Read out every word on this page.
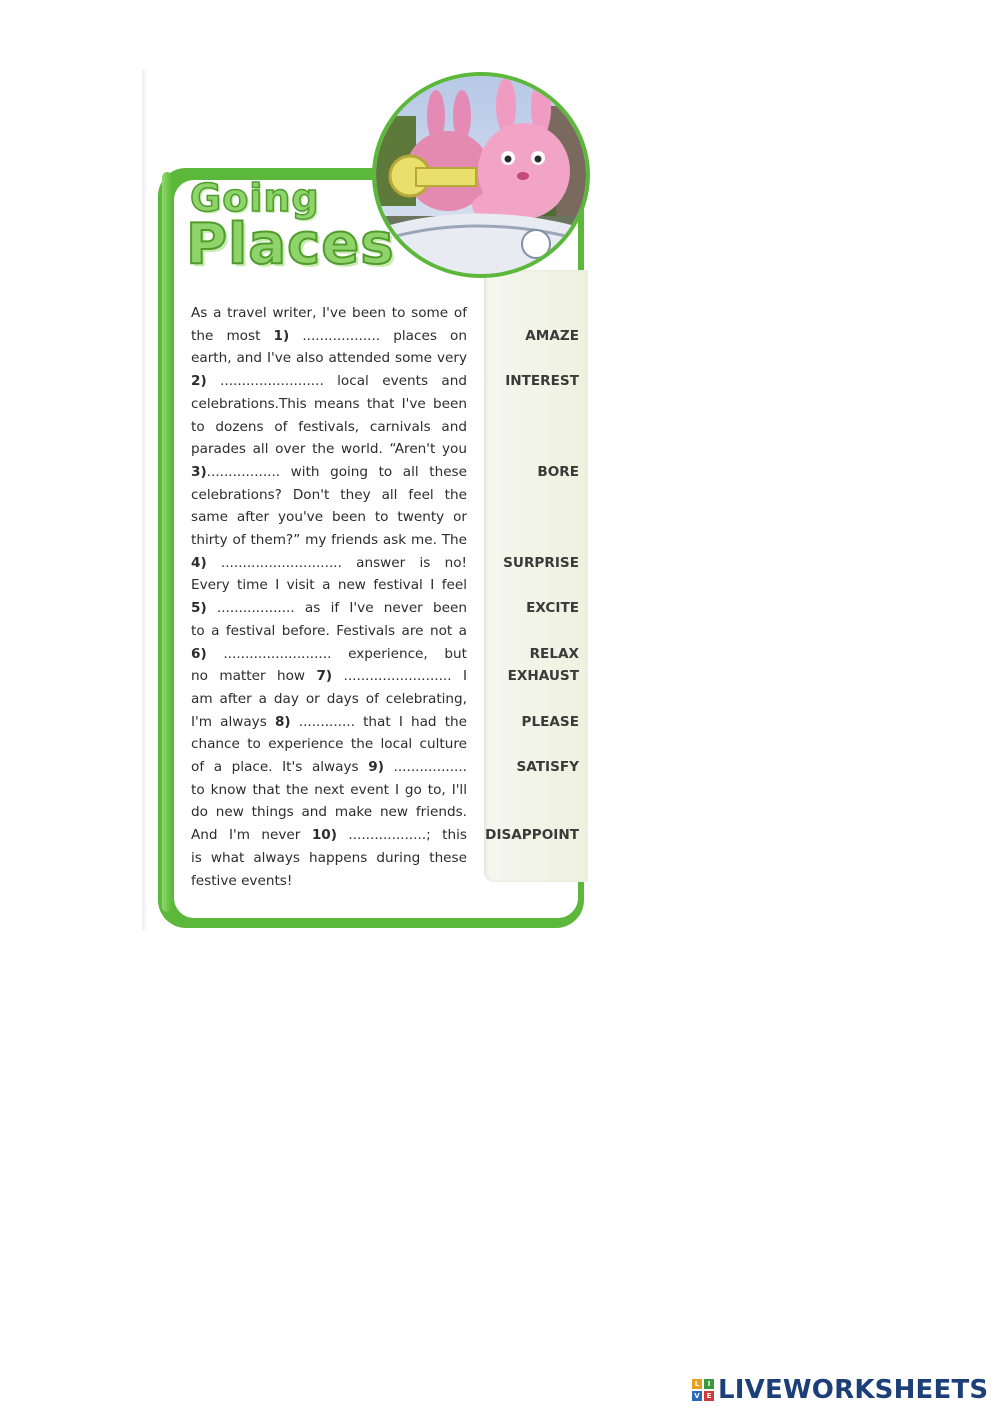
Going
Places
As a travel writer, I've been to some of
the most 1) .................. places on
earth, and I've also attended some very
2) ........................ local events and
celebrations.This means that I've been
to dozens of festivals, carnivals and
parades all over the world. “Aren't you
3)................. with going to all these
celebrations? Don't they all feel the
same after you've been to twenty or
thirty of them?” my friends ask me. The
4) ............................ answer is no!
Every time I visit a new festival I feel
5) .................. as if I've never been
to a festival before. Festivals are not a
6) ......................... experience, but
no matter how 7) ......................... I
am after a day or days of celebrating,
I'm always 8) ............. that I had the
chance to experience the local culture
of a place. It's always 9) .................
to know that the next event I go to, I'll
do new things and make new friends.
And I'm never 10) ..................; this
is what always happens during these
festive events!
AMAZE
INTEREST
BORE
SURPRISE
EXCITE
RELAX
EXHAUST
PLEASE
SATISFY
DISAPPOINT
L	I
V E LIVEWORKSHEETS
